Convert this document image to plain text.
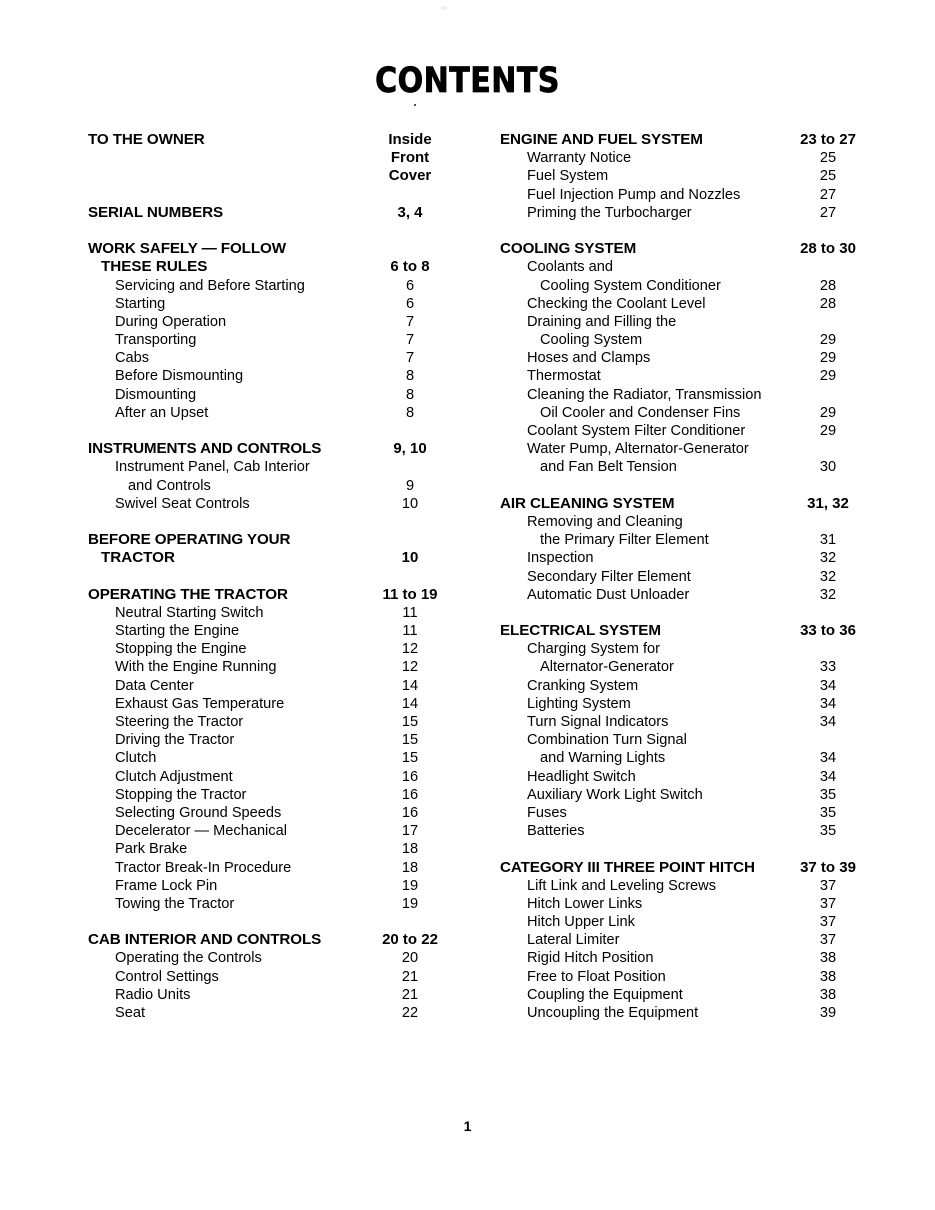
CONTENTS
TO THE OWNER	Inside
Front
Cover
SERIAL NUMBERS	3, 4
WORK SAFELY — FOLLOW
THESE RULES	6 to 8
Servicing and Before Starting	6
Starting	6
During Operation	7
Transporting	7
Cabs	7
Before Dismounting	8
Dismounting	8
After an Upset	8
INSTRUMENTS AND CONTROLS	9, 10
Instrument Panel, Cab Interior
and Controls	9
Swivel Seat Controls	10
BEFORE OPERATING YOUR
TRACTOR	10
OPERATING THE TRACTOR	11 to 19
Neutral Starting Switch	11
Starting the Engine	11
Stopping the Engine	12
With the Engine Running	12
Data Center	14
Exhaust Gas Temperature	14
Steering the Tractor	15
Driving the Tractor	15
Clutch	15
Clutch Adjustment	16
Stopping the Tractor	16
Selecting Ground Speeds	16
Decelerator — Mechanical	17
Park Brake	18
Tractor Break-In Procedure	18
Frame Lock Pin	19
Towing the Tractor	19
CAB INTERIOR AND CONTROLS	20 to 22
Operating the Controls	20
Control Settings	21
Radio Units	21
Seat	22
ENGINE AND FUEL SYSTEM	23 to 27
Warranty Notice	25
Fuel System	25
Fuel Injection Pump and Nozzles	27
Priming the Turbocharger	27
COOLING SYSTEM	28 to 30
Coolants and
Cooling System Conditioner	28
Checking the Coolant Level	28
Draining and Filling the
Cooling System	29
Hoses and Clamps	29
Thermostat	29
Cleaning the Radiator, Transmission
Oil Cooler and Condenser Fins	29
Coolant System Filter Conditioner	29
Water Pump, Alternator-Generator
and Fan Belt Tension	30
AIR CLEANING SYSTEM	31, 32
Removing and Cleaning
the Primary Filter Element	31
Inspection	32
Secondary Filter Element	32
Automatic Dust Unloader	32
ELECTRICAL SYSTEM	33 to 36
Charging System for
Alternator-Generator	33
Cranking System	34
Lighting System	34
Turn Signal Indicators	34
Combination Turn Signal
and Warning Lights	34
Headlight Switch	34
Auxiliary Work Light Switch	35
Fuses	35
Batteries	35
CATEGORY III THREE POINT HITCH	37 to 39
Lift Link and Leveling Screws	37
Hitch Lower Links	37
Hitch Upper Link	37
Lateral Limiter	37
Rigid Hitch Position	38
Free to Float Position	38
Coupling the Equipment	38
Uncoupling the Equipment	39
1
